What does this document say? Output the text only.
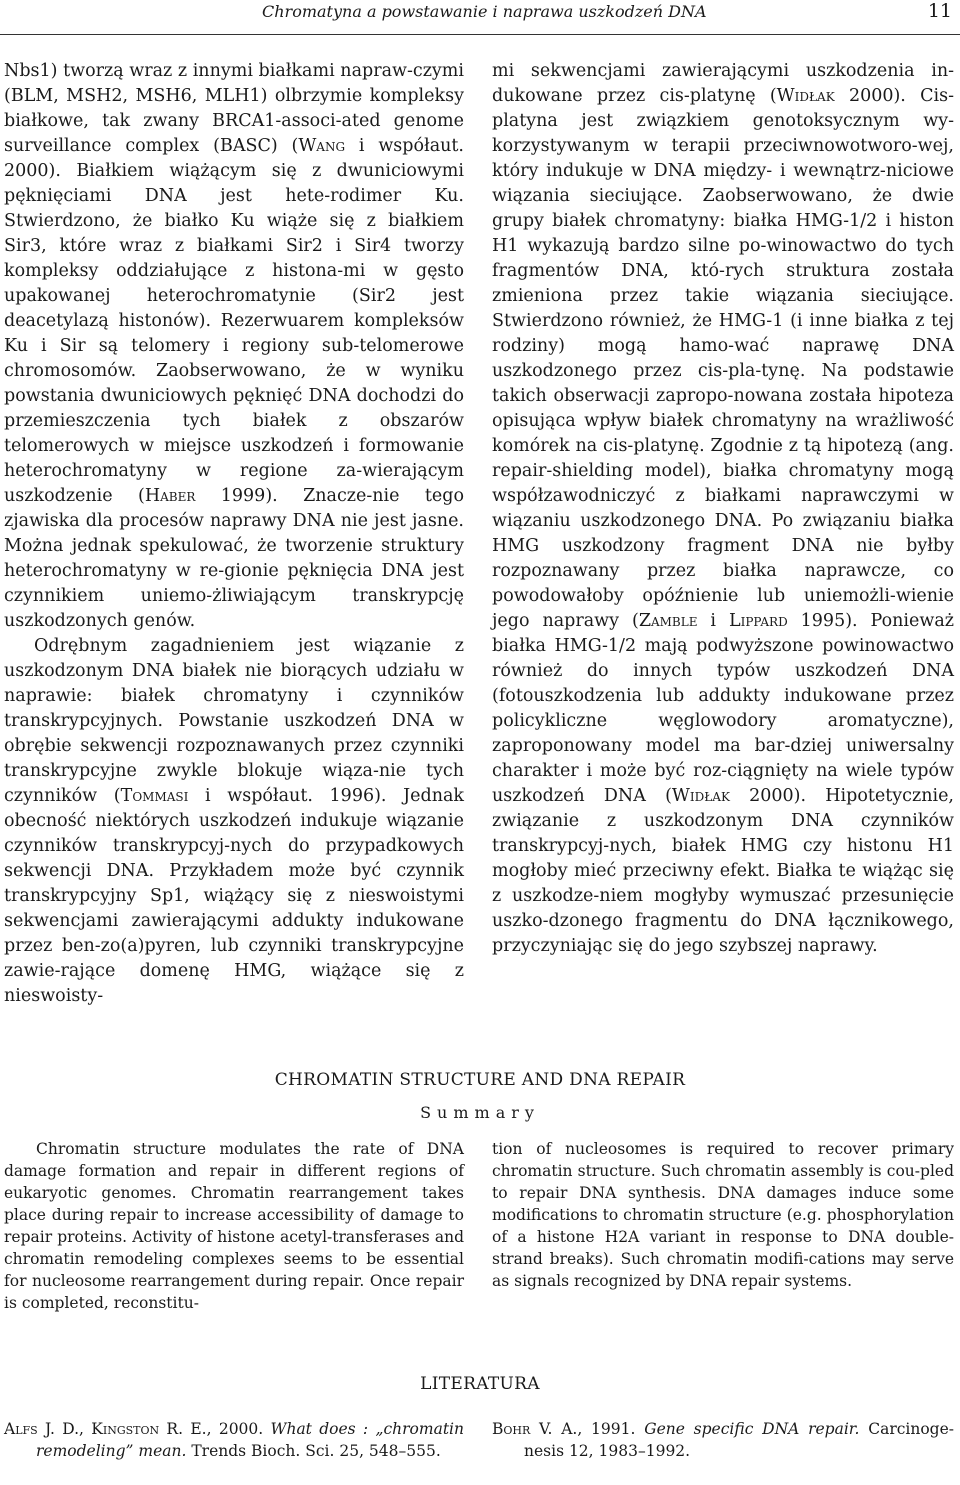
Chromatyna a powstawanie i naprawa uszkodzeń DNA	11

Nbs1) tworzą wraz z innymi białkami napraw-czymi (BLM, MSH2, MSH6, MLH1) olbrzymie kompleksy białkowe, tak zwany BRCA1-associ-ated genome surveillance complex (BASC) (Wang i współaut. 2000). Białkiem wiążącym się z dwuniciowymi pęknięciami DNA jest hete-rodimer Ku. Stwierdzono, że białko Ku wiąże się z białkiem Sir3, które wraz z białkami Sir2 i Sir4 tworzy kompleksy oddziałujące z histona-mi w gęsto upakowanej heterochromatynie (Sir2 jest deacetylazą histonów). Rezerwuarem kompleksów Ku i Sir są telomery i regiony sub-telomerowe chromosomów. Zaobserwowano, że w wyniku powstania dwuniciowych pęknięć DNA dochodzi do przemieszczenia tych białek z obszarów telomerowych w miejsce uszkodzeń i formowanie heterochromatyny w regione za-wierającym uszkodzenie (Haber 1999). Znacze-nie tego zjawiska dla procesów naprawy DNA nie jest jasne. Można jednak spekulować, że tworzenie struktury heterochromatyny w re-gionie pęknięcia DNA jest czynnikiem uniemo-żliwiającym transkrypcję uszkodzonych genów.

Odrębnym zagadnieniem jest wiązanie z uszkodzonym DNA białek nie biorących udziału w naprawie: białek chromatyny i czynników transkrypcyjnych. Powstanie uszkodzeń DNA w obrębie sekwencji rozpoznawanych przez czynniki transkrypcyjne zwykle blokuje wiąza-nie tych czynników (Tommasi i współaut. 1996). Jednak obecność niektórych uszkodzeń indukuje wiązanie czynników transkrypcyj-nych do przypadkowych sekwencji DNA. Przykładem może być czynnik transkrypcyjny Sp1, wiążący się z nieswoistymi sekwencjami zawierającymi addukty indukowane przez ben-zo(a)pyren, lub czynniki transkrypcyjne zawie-rające domenę HMG, wiążące się z nieswoisty-

mi sekwencjami zawierającymi uszkodzenia in-dukowane przez cis-platynę (Widłak 2000). Cis-platyna jest związkiem genotoksycznym wy-korzystywanym w terapii przeciwnowotworo-wej, który indukuje w DNA między- i wewnątrz-niciowe wiązania sieciujące. Zaobserwowano, że dwie grupy białek chromatyny: białka HMG-1/2 i histon H1 wykazują bardzo silne po-winowactwo do tych fragmentów DNA, któ-rych struktura została zmieniona przez takie wiązania sieciujące. Stwierdzono również, że HMG-1 (i inne białka z tej rodziny) mogą hamo-wać naprawę DNA uszkodzonego przez cis-pla-tynę. Na podstawie takich obserwacji zapropo-nowana została hipoteza opisująca wpływ białek chromatyny na wrażliwość komórek na cis-platynę. Zgodnie z tą hipotezą (ang. repair-shielding model), białka chromatyny mogą współzawodniczyć z białkami naprawczymi w wiązaniu uszkodzonego DNA. Po związaniu białka HMG uszkodzony fragment DNA nie byłby rozpoznawany przez białka naprawcze, co powodowałoby opóźnienie lub uniemożli-wienie jego naprawy (Zamble i Lippard 1995). Ponieważ białka HMG-1/2 mają podwyższone powinowactwo również do innych typów uszkodzeń DNA (fotouszkodzenia lub addukty indukowane przez policykliczne węglowodory aromatyczne), zaproponowany model ma bar-dziej uniwersalny charakter i może być roz-ciągnięty na wiele typów uszkodzeń DNA (Widłak 2000). Hipotetycznie, związanie z uszkodzonym DNA czynników transkrypcyj-nych, białek HMG czy histonu H1 mogłoby mieć przeciwny efekt. Białka te wiążąc się z uszkodze-niem mogłyby wymuszać przesunięcie uszko-dzonego fragmentu do DNA łącznikowego, przyczyniając się do jego szybszej naprawy.

CHROMATIN STRUCTURE AND DNA REPAIR
Summary

Chromatin structure modulates the rate of DNA damage formation and repair in different regions of eukaryotic genomes. Chromatin rearrangement takes place during repair to increase accessibility of damage to repair proteins. Activity of histone acetyl-transferases and chromatin remodeling complexes seems to be essential for nucleosome rearrangement during repair. Once repair is completed, reconstitu-

tion of nucleosomes is required to recover primary chromatin structure. Such chromatin assembly is cou-pled to repair DNA synthesis. DNA damages induce some modifications to chromatin structure (e.g. phosphorylation of a histone H2A variant in response to DNA double-strand breaks). Such chromatin modifi-cations may serve as signals recognized by DNA repair systems.

LITERATURA
Alfs J. D., Kingston R. E., 2000. What does : „chromatin remodeling” mean. Trends Bioch. Sci. 25, 548–555.
Bohr V. A., 1991. Gene specific DNA repair. Carcinoge-nesis 12, 1983–1992.
